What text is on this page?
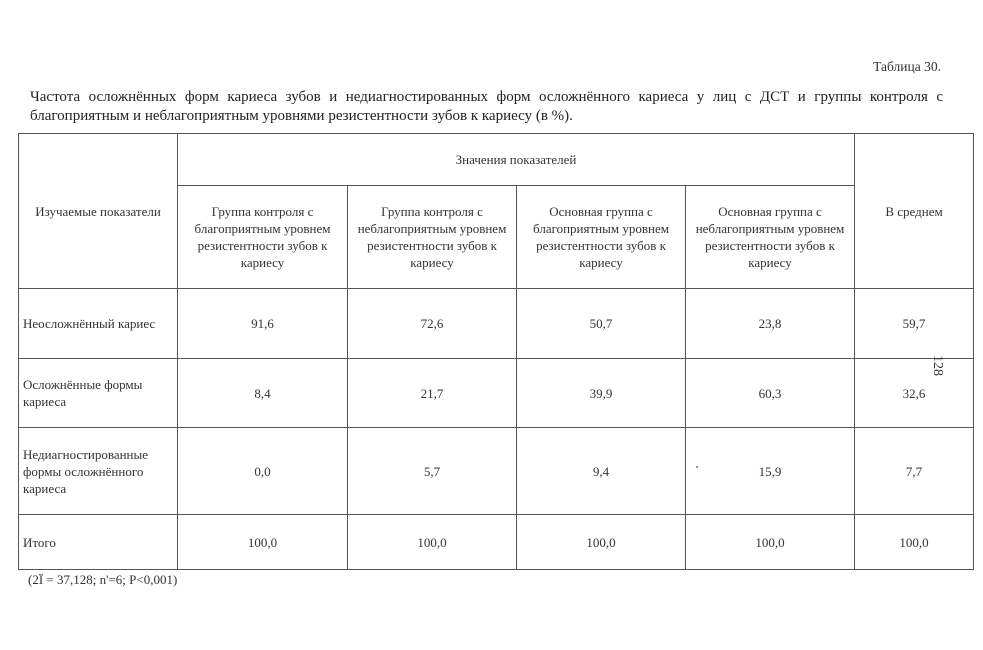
Таблица 30.
Частота осложнённых форм кариеса зубов и недиагностированных форм осложнённого кариеса у лиц с ДСТ и группы контроля с благоприятным и неблагоприятным уровнями резистентности зубов к кариесу (в %).
Изучаемые показатели	Значения показателей				В среднем
	Группа контроля с благоприятным уровнем резистентности зубов к кариесу	Группа контроля с неблагоприятным уровнем резистентности зубов к кариесу	Основная группа с благоприятным уровнем резистентности зубов к кариесу	Основная группа с неблагоприятным уровнем резистентности зубов к кариесу	
Неосложнённый кариес	91,6	72,6	50,7	23,8	59,7
Осложнённые формы кариеса	8,4	21,7	39,9	60,3	32,6
Недиагностированные формы осложнённого кариеса	0,0	5,7	9,4	15,9	7,7
Итого	100,0	100,0	100,0	100,0	100,0
(2Ї = 37,128; n'=6; P<0,001)
128
